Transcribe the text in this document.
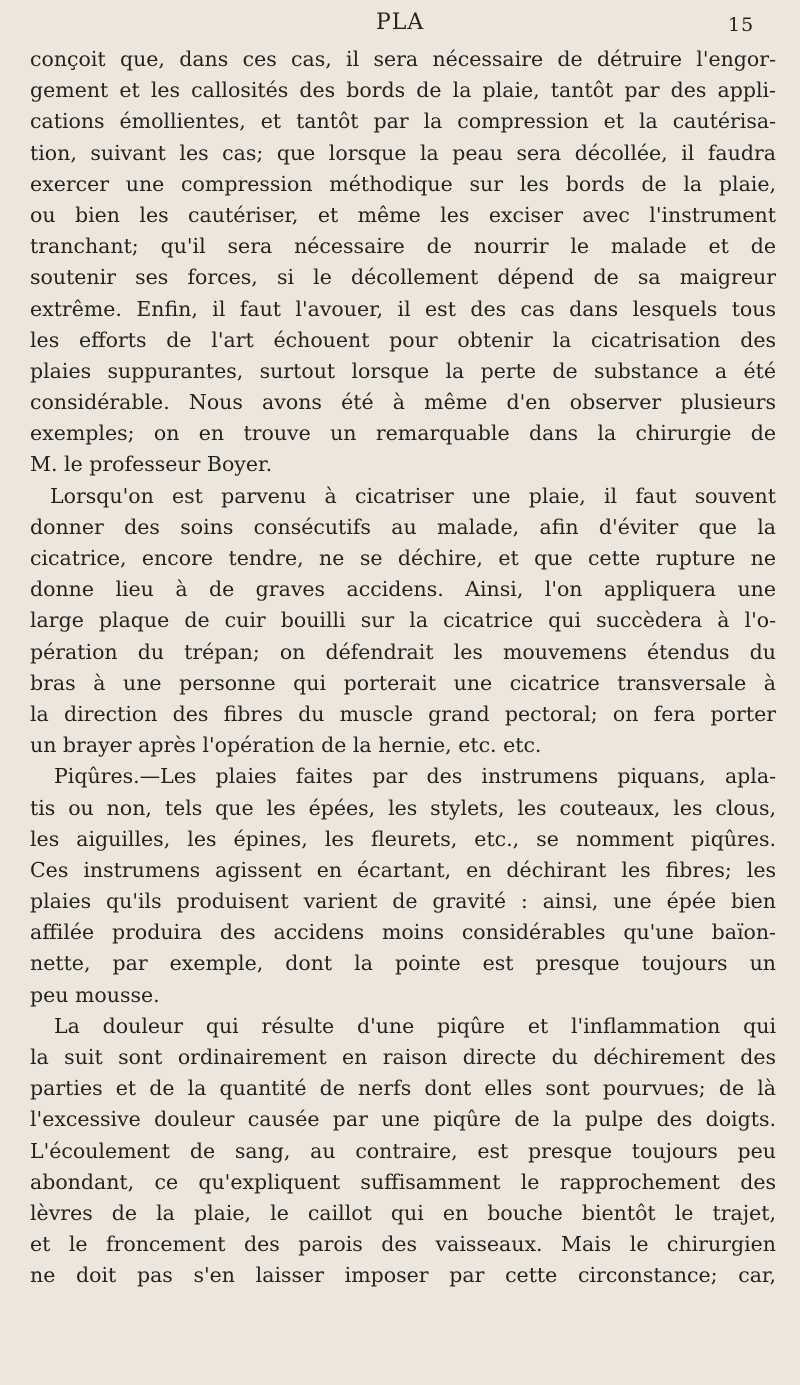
PLA	15
conçoit que, dans ces cas, il sera nécessaire de détruire l'engor-
gement et les callosités des bords de la plaie, tantôt par des appli-
cations émollientes, et tantôt par la compression et la cautérisa-
tion, suivant les cas; que lorsque la peau sera décollée, il faudra
exercer une compression méthodique sur les bords de la plaie,
ou bien les cautériser, et même les exciser avec l'instrument
tranchant; qu'il sera nécessaire de nourrir le malade et de
soutenir ses forces, si le décollement dépend de sa maigreur
extrême. Enfin, il faut l'avouer, il est des cas dans lesquels tous
les efforts de l'art échouent pour obtenir la cicatrisation des
plaies suppurantes, surtout lorsque la perte de substance a été
considérable. Nous avons été à même d'en observer plusieurs
exemples; on en trouve un remarquable dans la chirurgie de
M. le professeur Boyer.
Lorsqu'on est parvenu à cicatriser une plaie, il faut souvent
donner des soins consécutifs au malade, afin d'éviter que la
cicatrice, encore tendre, ne se déchire, et que cette rupture ne
donne lieu à de graves accidens. Ainsi, l'on appliquera une
large plaque de cuir bouilli sur la cicatrice qui succèdera à l'o-
pération du trépan; on défendrait les mouvemens étendus du
bras à une personne qui porterait une cicatrice transversale à
la direction des fibres du muscle grand pectoral; on fera porter
un brayer après l'opération de la hernie, etc. etc.
Piqûres.—Les plaies faites par des instrumens piquans, apla-
tis ou non, tels que les épées, les stylets, les couteaux, les clous,
les aiguilles, les épines, les fleurets, etc., se nomment piqûres.
Ces instrumens agissent en écartant, en déchirant les fibres; les
plaies qu'ils produisent varient de gravité : ainsi, une épée bien
affilée produira des accidens moins considérables qu'une baïon-
nette, par exemple, dont la pointe est presque toujours un
peu mousse.
La douleur qui résulte d'une piqûre et l'inflammation qui
la suit sont ordinairement en raison directe du déchirement des
parties et de la quantité de nerfs dont elles sont pourvues; de là
l'excessive douleur causée par une piqûre de la pulpe des doigts.
L'écoulement de sang, au contraire, est presque toujours peu
abondant, ce qu'expliquent suffisamment le rapprochement des
lèvres de la plaie, le caillot qui en bouche bientôt le trajet,
et le froncement des parois des vaisseaux. Mais le chirurgien
ne doit pas s'en laisser imposer par cette circonstance; car,
